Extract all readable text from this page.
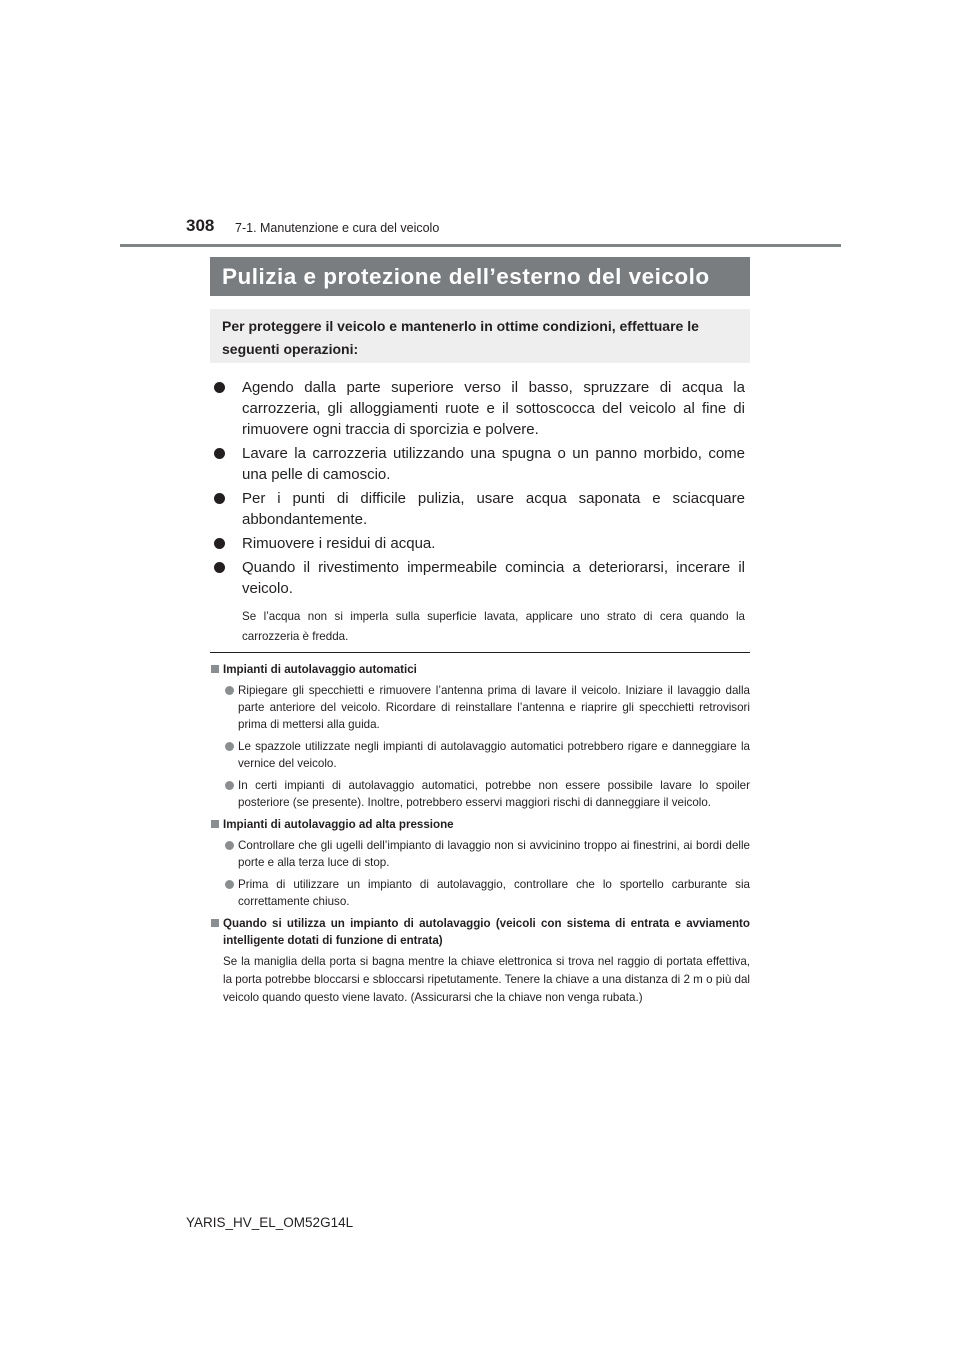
308 7-1. Manutenzione e cura del veicolo
Pulizia e protezione dell’esterno del veicolo
Per proteggere il veicolo e mantenerlo in ottime condizioni, effettuare le seguenti operazioni:
Agendo dalla parte superiore verso il basso, spruzzare di acqua la carrozzeria, gli alloggiamenti ruote e il sottoscocca del veicolo al fine di rimuovere ogni traccia di sporcizia e polvere.
Lavare la carrozzeria utilizzando una spugna o un panno morbido, come una pelle di camoscio.
Per i punti di difficile pulizia, usare acqua saponata e sciacquare abbondantemente.
Rimuovere i residui di acqua.
Quando il rivestimento impermeabile comincia a deteriorarsi, incerare il veicolo.
Se l’acqua non si imperla sulla superficie lavata, applicare uno strato di cera quando la carrozzeria è fredda.
Impianti di autolavaggio automatici
Ripiegare gli specchietti e rimuovere l’antenna prima di lavare il veicolo. Iniziare il lavaggio dalla parte anteriore del veicolo. Ricordare di reinstallare l’antenna e riaprire gli specchietti retrovisori prima di mettersi alla guida.
Le spazzole utilizzate negli impianti di autolavaggio automatici potrebbero rigare e danneggiare la vernice del veicolo.
In certi impianti di autolavaggio automatici, potrebbe non essere possibile lavare lo spoiler posteriore (se presente). Inoltre, potrebbero esservi maggiori rischi di danneggiare il veicolo.
Impianti di autolavaggio ad alta pressione
Controllare che gli ugelli dell’impianto di lavaggio non si avvicinino troppo ai finestrini, ai bordi delle porte e alla terza luce di stop.
Prima di utilizzare un impianto di autolavaggio, controllare che lo sportello carburante sia correttamente chiuso.
Quando si utilizza un impianto di autolavaggio (veicoli con sistema di entrata e avviamento intelligente dotati di funzione di entrata)
Se la maniglia della porta si bagna mentre la chiave elettronica si trova nel raggio di portata effettiva, la porta potrebbe bloccarsi e sbloccarsi ripetutamente. Tenere la chiave a una distanza di 2 m o più dal veicolo quando questo viene lavato. (Assicurarsi che la chiave non venga rubata.)
YARIS_HV_EL_OM52G14L
